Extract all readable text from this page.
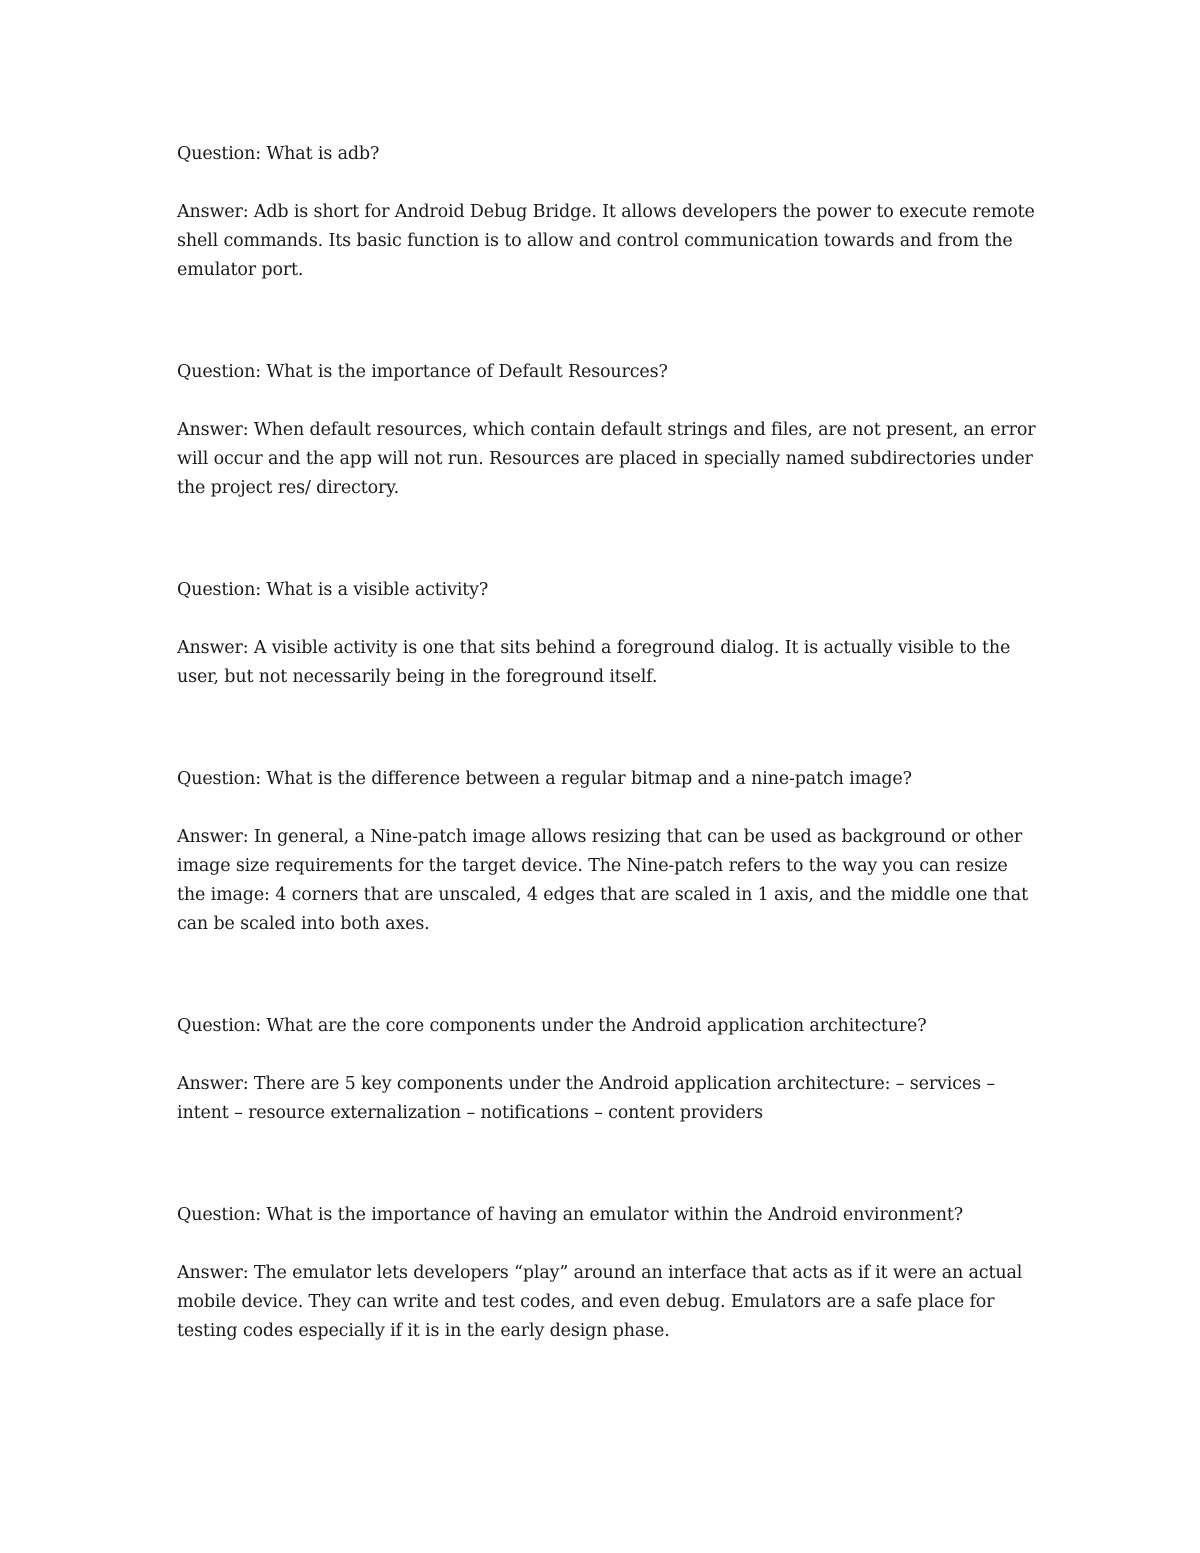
Question: What is adb?

Answer: Adb is short for Android Debug Bridge. It allows developers the power to execute remote shell commands. Its basic function is to allow and control communication towards and from the emulator port.

Question: What is the importance of Default Resources?

Answer: When default resources, which contain default strings and files, are not present, an error will occur and the app will not run. Resources are placed in specially named subdirectories under the project res/ directory.

Question: What is a visible activity?

Answer: A visible activity is one that sits behind a foreground dialog. It is actually visible to the user, but not necessarily being in the foreground itself.

Question: What is the difference between a regular bitmap and a nine-patch image?

Answer: In general, a Nine-patch image allows resizing that can be used as background or other image size requirements for the target device. The Nine-patch refers to the way you can resize the image: 4 corners that are unscaled, 4 edges that are scaled in 1 axis, and the middle one that can be scaled into both axes.

Question: What are the core components under the Android application architecture?

Answer: There are 5 key components under the Android application architecture: – services – intent – resource externalization – notifications – content providers

Question: What is the importance of having an emulator within the Android environment?

Answer: The emulator lets developers “play” around an interface that acts as if it were an actual mobile device. They can write and test codes, and even debug. Emulators are a safe place for testing codes especially if it is in the early design phase.
